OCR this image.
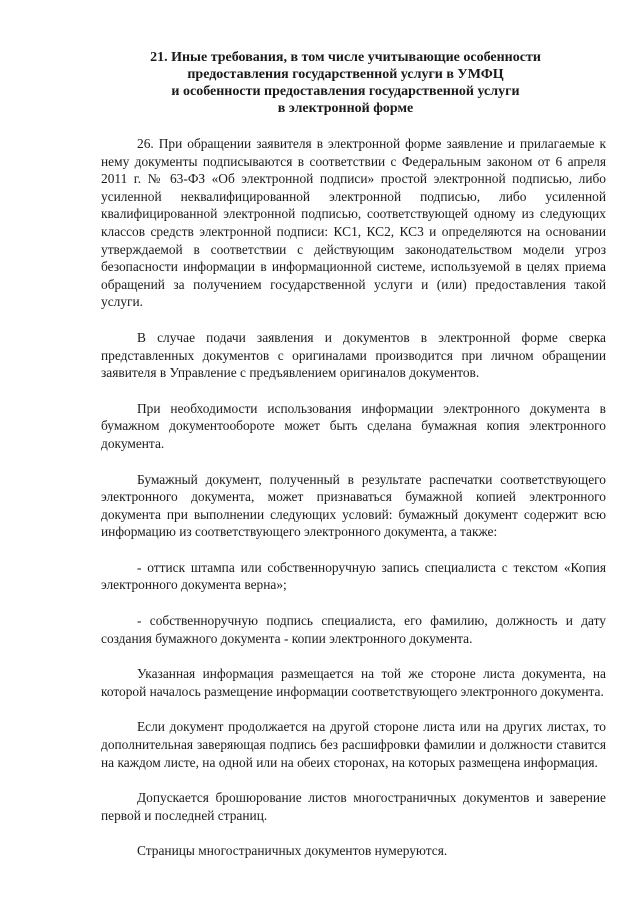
21. Иные требования, в том числе учитывающие особенности
предоставления государственной услуги в УМФЦ
и особенности предоставления государственной услуги
в электронной форме

26. При обращении заявителя в электронной форме заявление и прилагаемые к нему документы подписываются в соответствии с Федеральным законом от 6 апреля 2011 г. № 63-ФЗ «Об электронной подписи» простой электронной подписью, либо усиленной неквалифицированной электронной подписью, либо усиленной квалифицированной электронной подписью, соответствующей одному из следующих классов средств электронной подписи: КС1, КС2, КС3 и определяются на основании утверждаемой в соответствии с действующим законодательством модели угроз безопасности информации в информационной системе, используемой в целях приема обращений за получением государственной услуги и (или) предоставления такой услуги.

В случае подачи заявления и документов в электронной форме сверка представленных документов с оригиналами производится при личном обращении заявителя в Управление с предъявлением оригиналов документов.

При необходимости использования информации электронного документа в бумажном документообороте может быть сделана бумажная копия электронного документа.

Бумажный документ, полученный в результате распечатки соответствующего электронного документа, может признаваться бумажной копией электронного документа при выполнении следующих условий: бумажный документ содержит всю информацию из соответствующего электронного документа, а также:

- оттиск штампа или собственноручную запись специалиста с текстом «Копия электронного документа верна»;

- собственноручную подпись специалиста, его фамилию, должность и дату создания бумажного документа - копии электронного документа.

Указанная информация размещается на той же стороне листа документа, на которой началось размещение информации соответствующего электронного документа.

Если документ продолжается на другой стороне листа или на других листах, то дополнительная заверяющая подпись без расшифровки фамилии и должности ставится на каждом листе, на одной или на обеих сторонах, на которых размещена информация.

Допускается брошюрование листов многостраничных документов и заверение первой и последней страниц.

Страницы многостраничных документов нумеруются.
